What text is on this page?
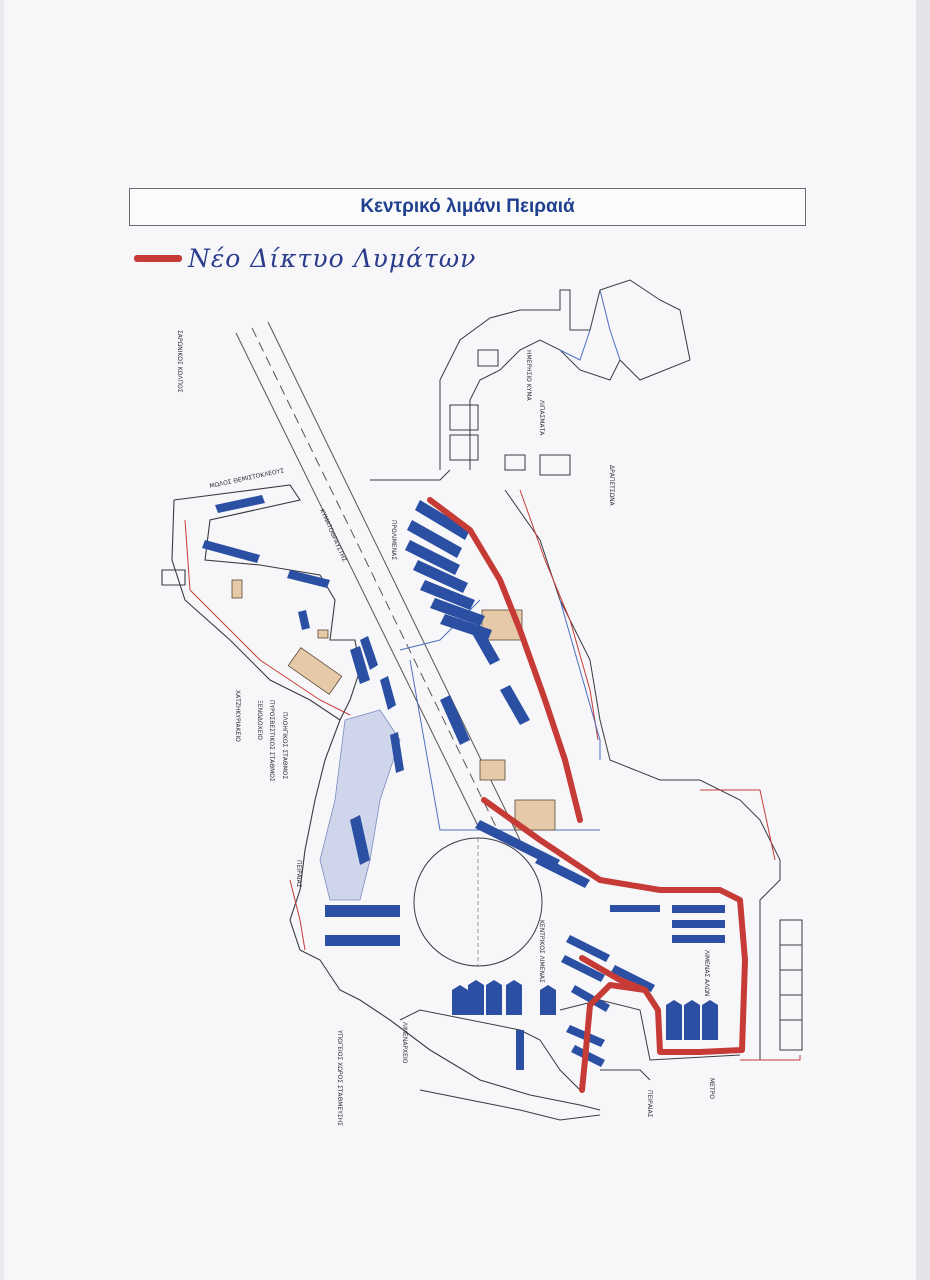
Κεντρικό λιμάνι Πειραιά
Νέο Δίκτυο Λυμάτων
ΣΑΡΩΝΙΚΟΣ ΚΟΛΠΟΣ
ΜΩΛΟΣ ΘΕΜΙΣΤΟΚΛΕΟΥΣ
ΧΑΤΖΗΚΥΡΙΑΚΕΙΟ	ΞΕΝΟΔΟΧΕΙΟ ΠΥΡΟΣΒΕΣΤΙΚΟΣ ΣΤΑΘΜΟΣ ΠΛΟΗΓΙΚΟΣ ΣΤΑΘΜΟΣ
ΠΡΟΛΙΜΕΝΑΣ
ΚΥΜΑΤΟΘΡΑΥΣΤΗΣ
ΗΜΕΡΗΣΙΟ ΚΥΜΑ
ΛΙΠΑΣΜΑΤΑ
ΔΡΑΠΕΤΣΩΝΑ
ΠΕΙΡΑΙΑΣ
ΛΙΜΕΝΑΡΧΕΙΟ
ΥΠΟΓΕΙΟΣ ΧΩΡΟΣ ΣΤΑΘΜΕΥΣΗΣ
ΚΕΝΤΡΙΚΟΣ ΛΙΜΕΝΑΣ	ΛΙΜΕΝΑΣ ΑΛΩΝ
ΜΕΤΡΟ
ΠΕΙΡΑΙΑΣ
